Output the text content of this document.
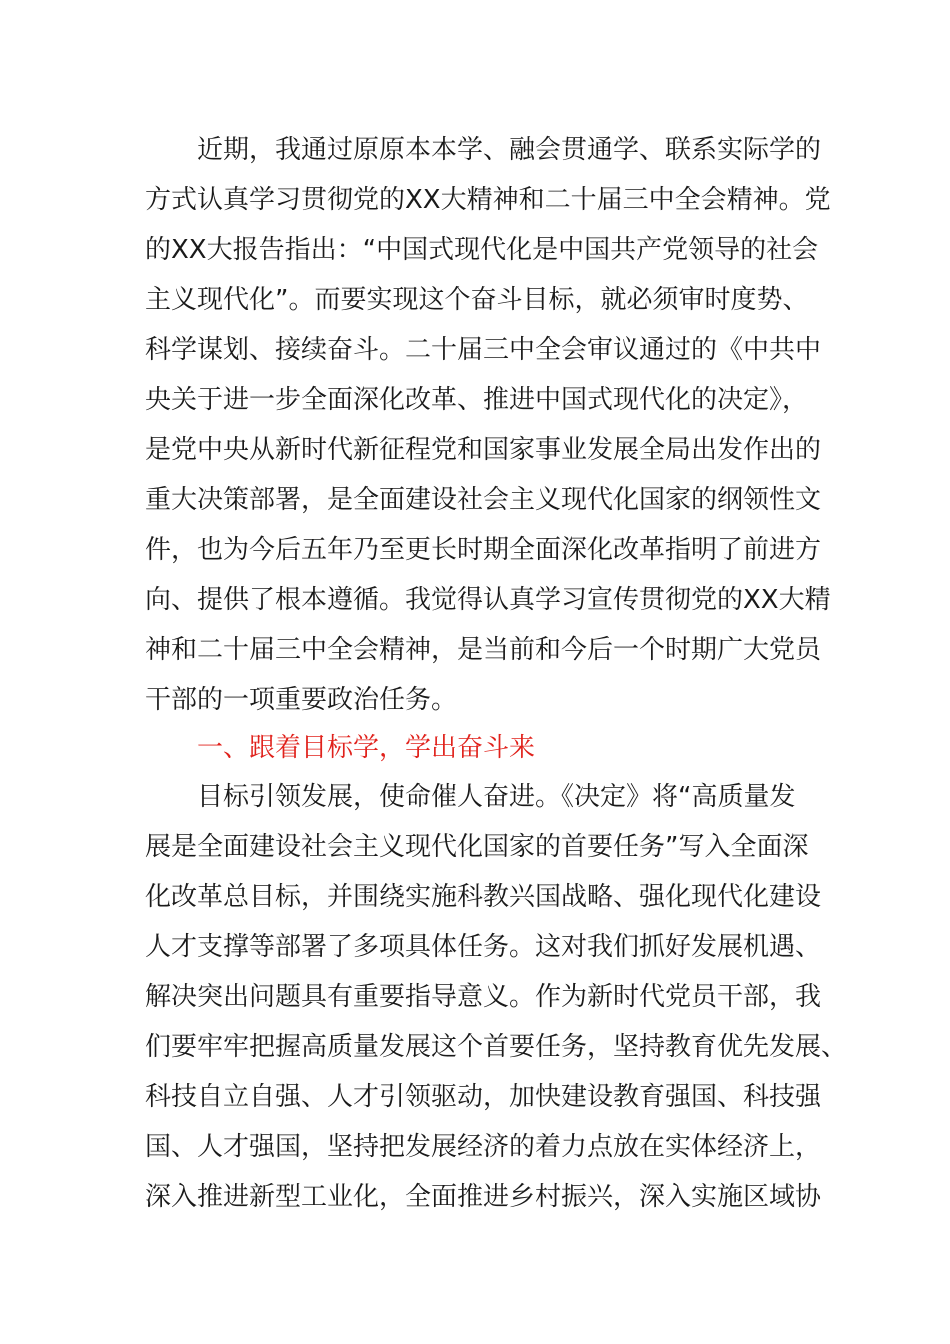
近期，我通过原原本本学、融会贯通学、联系实际学的
方式认真学习贯彻党的XX大精神和二十届三中全会精神。党
的XX大报告指出：“中国式现代化是中国共产党领导的社会
主义现代化”。而要实现这个奋斗目标，就必须审时度势、
科学谋划、接续奋斗。二十届三中全会审议通过的《中共中
央关于进一步全面深化改革、推进中国式现代化的决定》，
是党中央从新时代新征程党和国家事业发展全局出发作出的
重大决策部署，是全面建设社会主义现代化国家的纲领性文
件，也为今后五年乃至更长时期全面深化改革指明了前进方
向、提供了根本遵循。我觉得认真学习宣传贯彻党的XX大精
神和二十届三中全会精神，是当前和今后一个时期广大党员
干部的一项重要政治任务。
一、跟着目标学，学出奋斗来
目标引领发展，使命催人奋进。《决定》将“高质量发
展是全面建设社会主义现代化国家的首要任务”写入全面深
化改革总目标，并围绕实施科教兴国战略、强化现代化建设
人才支撑等部署了多项具体任务。这对我们抓好发展机遇、
解决突出问题具有重要指导意义。作为新时代党员干部，我
们要牢牢把握高质量发展这个首要任务，坚持教育优先发展、
科技自立自强、人才引领驱动，加快建设教育强国、科技强
国、人才强国，坚持把发展经济的着力点放在实体经济上，
深入推进新型工业化，全面推进乡村振兴，深入实施区域协
